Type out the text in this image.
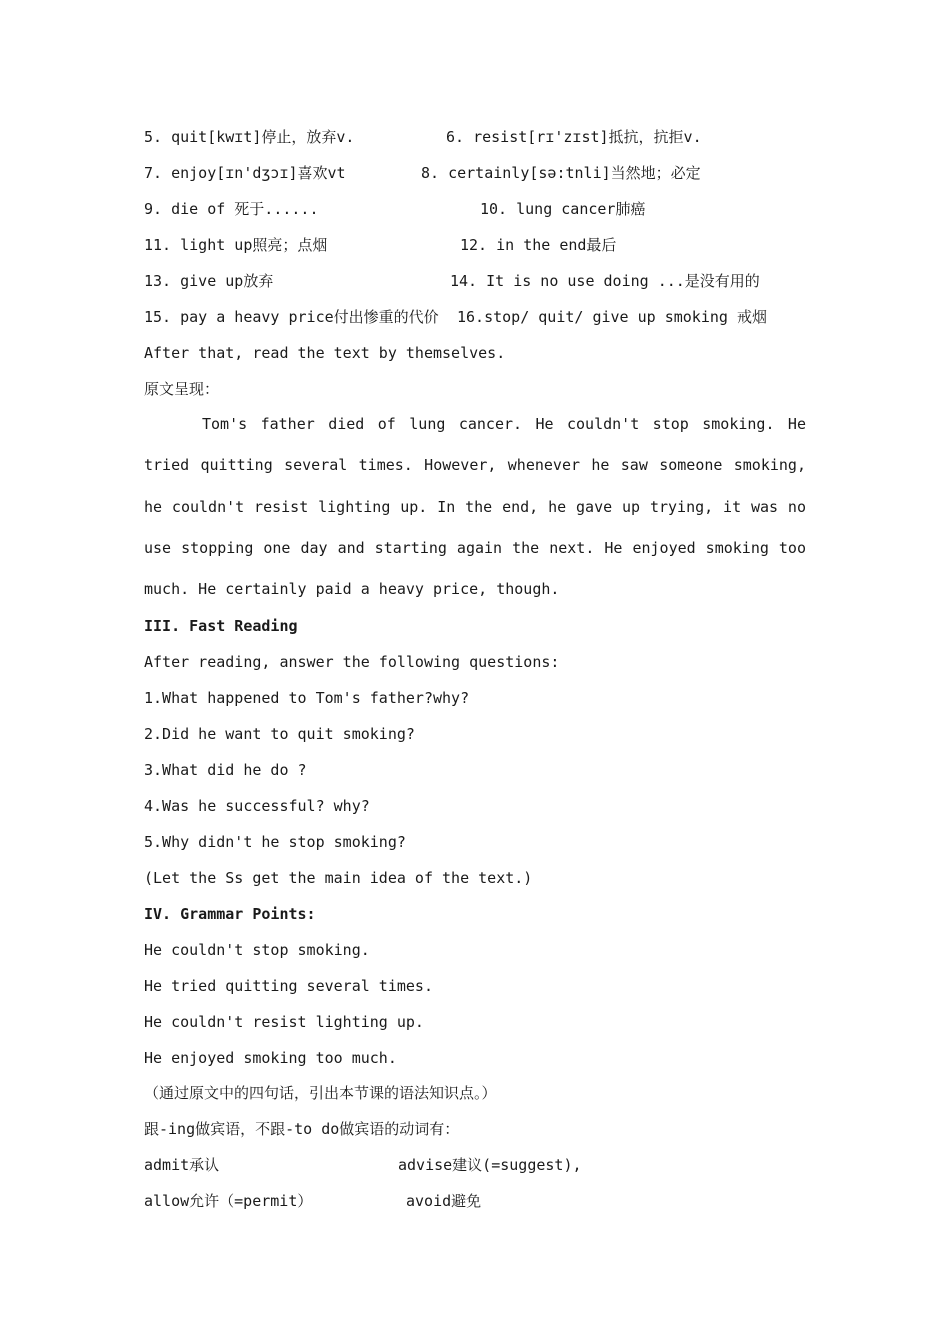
5. quit[kwɪt]停止，放弃v.	6. resist[rɪ'zɪst]抵抗，抗拒v.
7. enjoy[ɪn'dʒɔɪ]喜欢vt	8. certainly[sə:tnli]当然地；必定
9. die of 死于......	10. lung cancer肺癌
11. light up照亮；点烟	12. in the end最后
13. give up放弃	14. It is no use doing ...是没有用的
15. pay a heavy price付出惨重的代价 16.stop/ quit/ give up smoking 戒烟
After that, read the text by themselves.
原文呈现：
Tom's father died of lung cancer. He couldn't stop smoking. He tried quitting several times. However, whenever he saw someone smoking, he couldn't resist lighting up. In the end, he gave up trying, it was no use stopping one day and starting again the next. He enjoyed smoking too much. He certainly paid a heavy price, though.
III. Fast Reading
After reading, answer the following questions:
1.What happened to Tom's father?why?
2.Did he want to quit smoking?
3.What did he do ?
4.Was he successful? why?
5.Why didn't he stop smoking?
(Let the Ss get the main idea of the text.)
IV. Grammar Points:
He couldn't stop smoking.
He tried quitting several times.
He couldn't resist lighting up.
He enjoyed smoking too much.
（通过原文中的四句话，引出本节课的语法知识点。）
跟-ing做宾语，不跟-to do做宾语的动词有：
admit承认	advise建议(=suggest),
allow允许（=permit）	avoid避免
